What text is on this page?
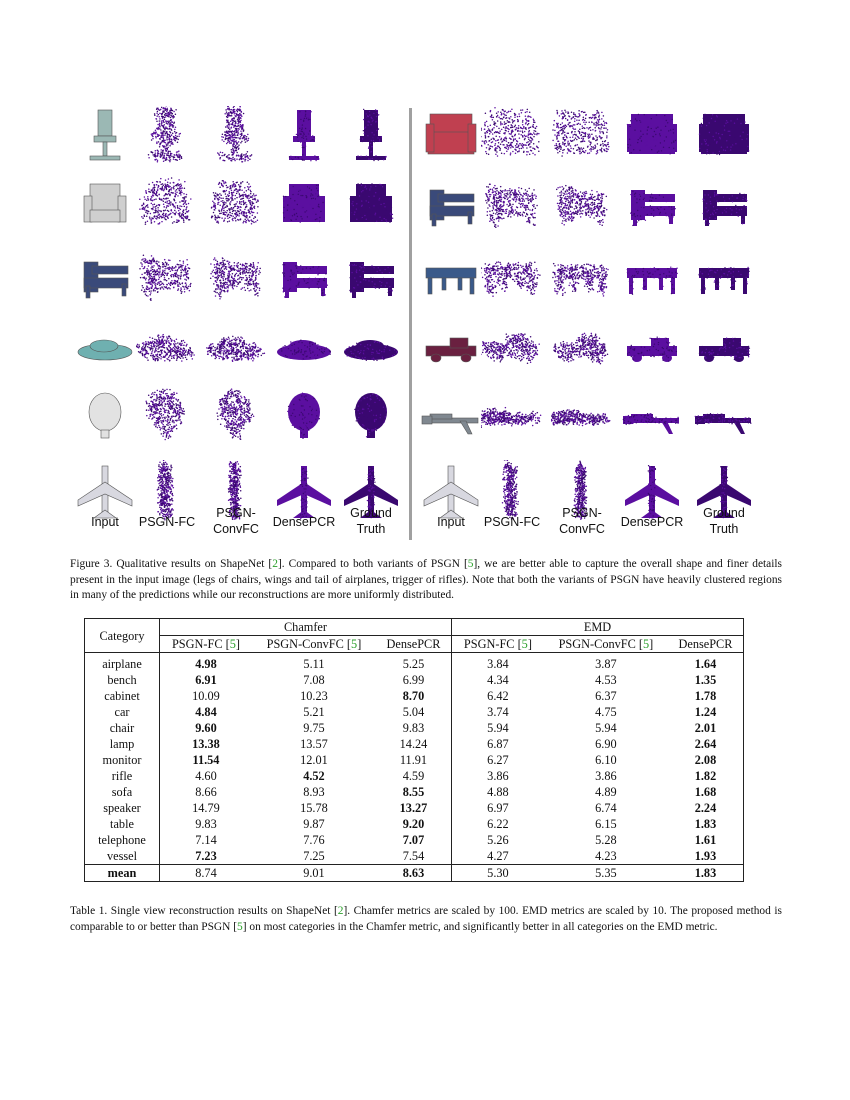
Input	PSGN-FC
PSGN-
ConvFC	DensePCR
Ground
Truth	Input	PSGN-FC
PSGN-
ConvFC	DensePCR
Ground
Truth
Figure 3. Qualitative results on ShapeNet [2]. Compared to both variants of PSGN [5], we are better able to capture the overall shape and finer details present in the input image (legs of chairs, wings and tail of airplanes, trigger of rifles). Note that both the variants of PSGN have heavily clustered regions in many of the predictions while our reconstructions are more uniformly distributed.
Category	Chamfer			EMD		
	PSGN-FC [5]	PSGN-ConvFC [5]	DensePCR	PSGN-FC [5]	PSGN-ConvFC [5]	DensePCR
airplane	4.98	5.11	5.25	3.84	3.87	1.64
bench	6.91	7.08	6.99	4.34	4.53	1.35
cabinet	10.09	10.23	8.70	6.42	6.37	1.78
car	4.84	5.21	5.04	3.74	4.75	1.24
chair	9.60	9.75	9.83	5.94	5.94	2.01
lamp	13.38	13.57	14.24	6.87	6.90	2.64
monitor	11.54	12.01	11.91	6.27	6.10	2.08
rifle	4.60	4.52	4.59	3.86	3.86	1.82
sofa	8.66	8.93	8.55	4.88	4.89	1.68
speaker	14.79	15.78	13.27	6.97	6.74	2.24
table	9.83	9.87	9.20	6.22	6.15	1.83
telephone	7.14	7.76	7.07	5.26	5.28	1.61
vessel	7.23	7.25	7.54	4.27	4.23	1.93
mean	8.74	9.01	8.63	5.30	5.35	1.83
Table 1. Single view reconstruction results on ShapeNet [2]. Chamfer metrics are scaled by 100. EMD metrics are scaled by 10. The proposed method is comparable to or better than PSGN [5] on most categories in the Chamfer metric, and significantly better in all categories on the EMD metric.
